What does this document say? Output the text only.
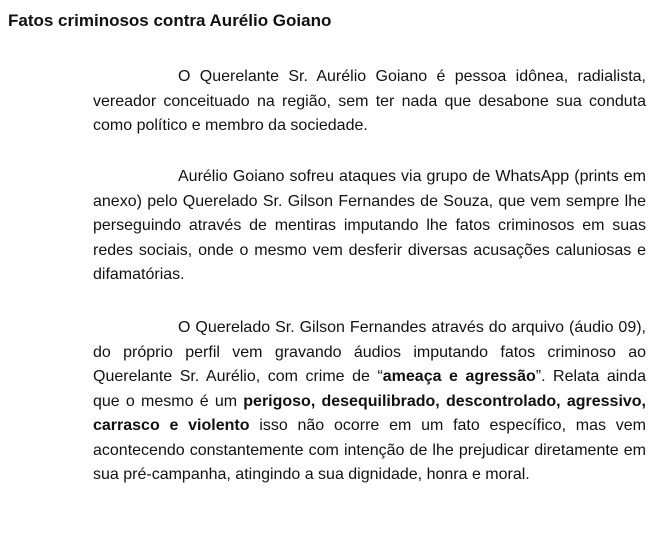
Fatos criminosos contra Aurélio Goiano

O Querelante Sr. Aurélio Goiano é pessoa idônea, radialista, vereador conceituado na região, sem ter nada que desabone sua conduta como político e membro da sociedade.

Aurélio Goiano sofreu ataques via grupo de WhatsApp (prints em anexo) pelo Querelado Sr. Gilson Fernandes de Souza, que vem sempre lhe perseguindo através de mentiras imputando lhe fatos criminosos em suas redes sociais, onde o mesmo vem desferir diversas acusações caluniosas e difamatórias.

O Querelado Sr. Gilson Fernandes através do arquivo (áudio 09), do próprio perfil vem gravando áudios imputando fatos criminoso ao Querelante Sr. Aurélio, com crime de “ameaça e agressão”. Relata ainda que o mesmo é um perigoso, desequilibrado, descontrolado, agressivo, carrasco e violento isso não ocorre em um fato específico, mas vem acontecendo constantemente com intenção de lhe prejudicar diretamente em sua pré-campanha, atingindo a sua dignidade, honra e moral.
